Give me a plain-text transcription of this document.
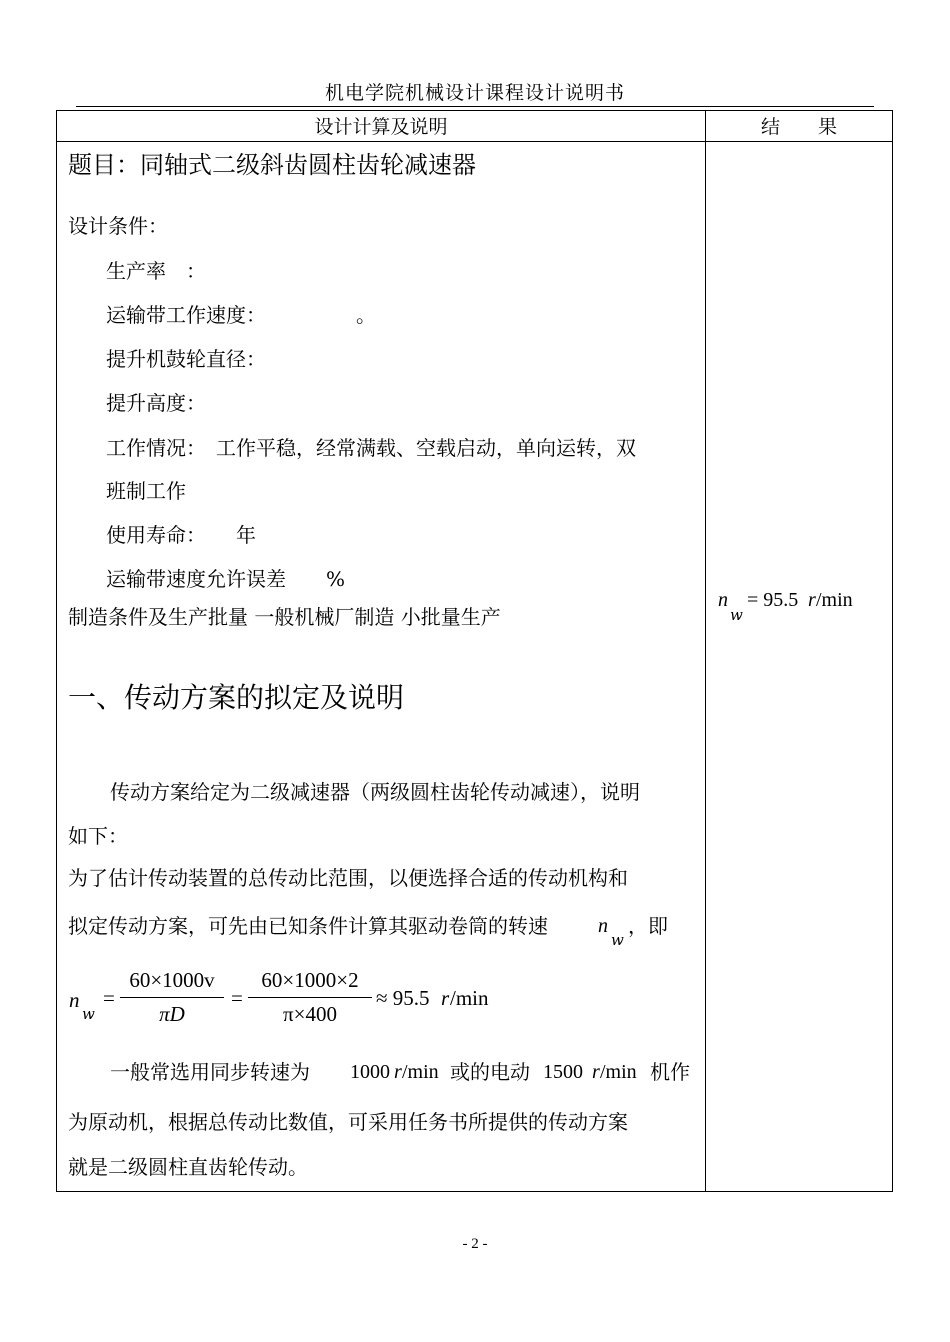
机电学院机械设计课程设计说明书
设计计算及说明	结　　果
题目：同轴式二级斜齿圆柱齿轮减速器
设计条件：
生产率　：
运输带工作速度：　　　　　。
提升机鼓轮直径：
提升高度：
工作情况：　工作平稳，经常满载、空载启动，单向运转，双
班制工作
使用寿命：　　年
运输带速度允许误差　　%
制造条件及生产批量 一般机械厂制造 小批量生产
一、传动方案的拟定及说明
传动方案给定为二级减速器（两级圆柱齿轮传动减速），说明
如下：
为了估计传动装置的总传动比范围，以便选择合适的传动机构和
拟定传动方案，可先由已知条件计算其驱动卷筒的转速	n
w
，即
n
w
=
60×1000v
πD
=
60×1000×2
π×400
≈ 95.5 r /min
一般常选用同步转速为 1000 r /min 或的电动 1500 r /min 机作
为原动机，根据总传动比数值，可采用任务书所提供的传动方案
就是二级圆柱直齿轮传动。
n
w
= 95.5 r /min
- 2 -
